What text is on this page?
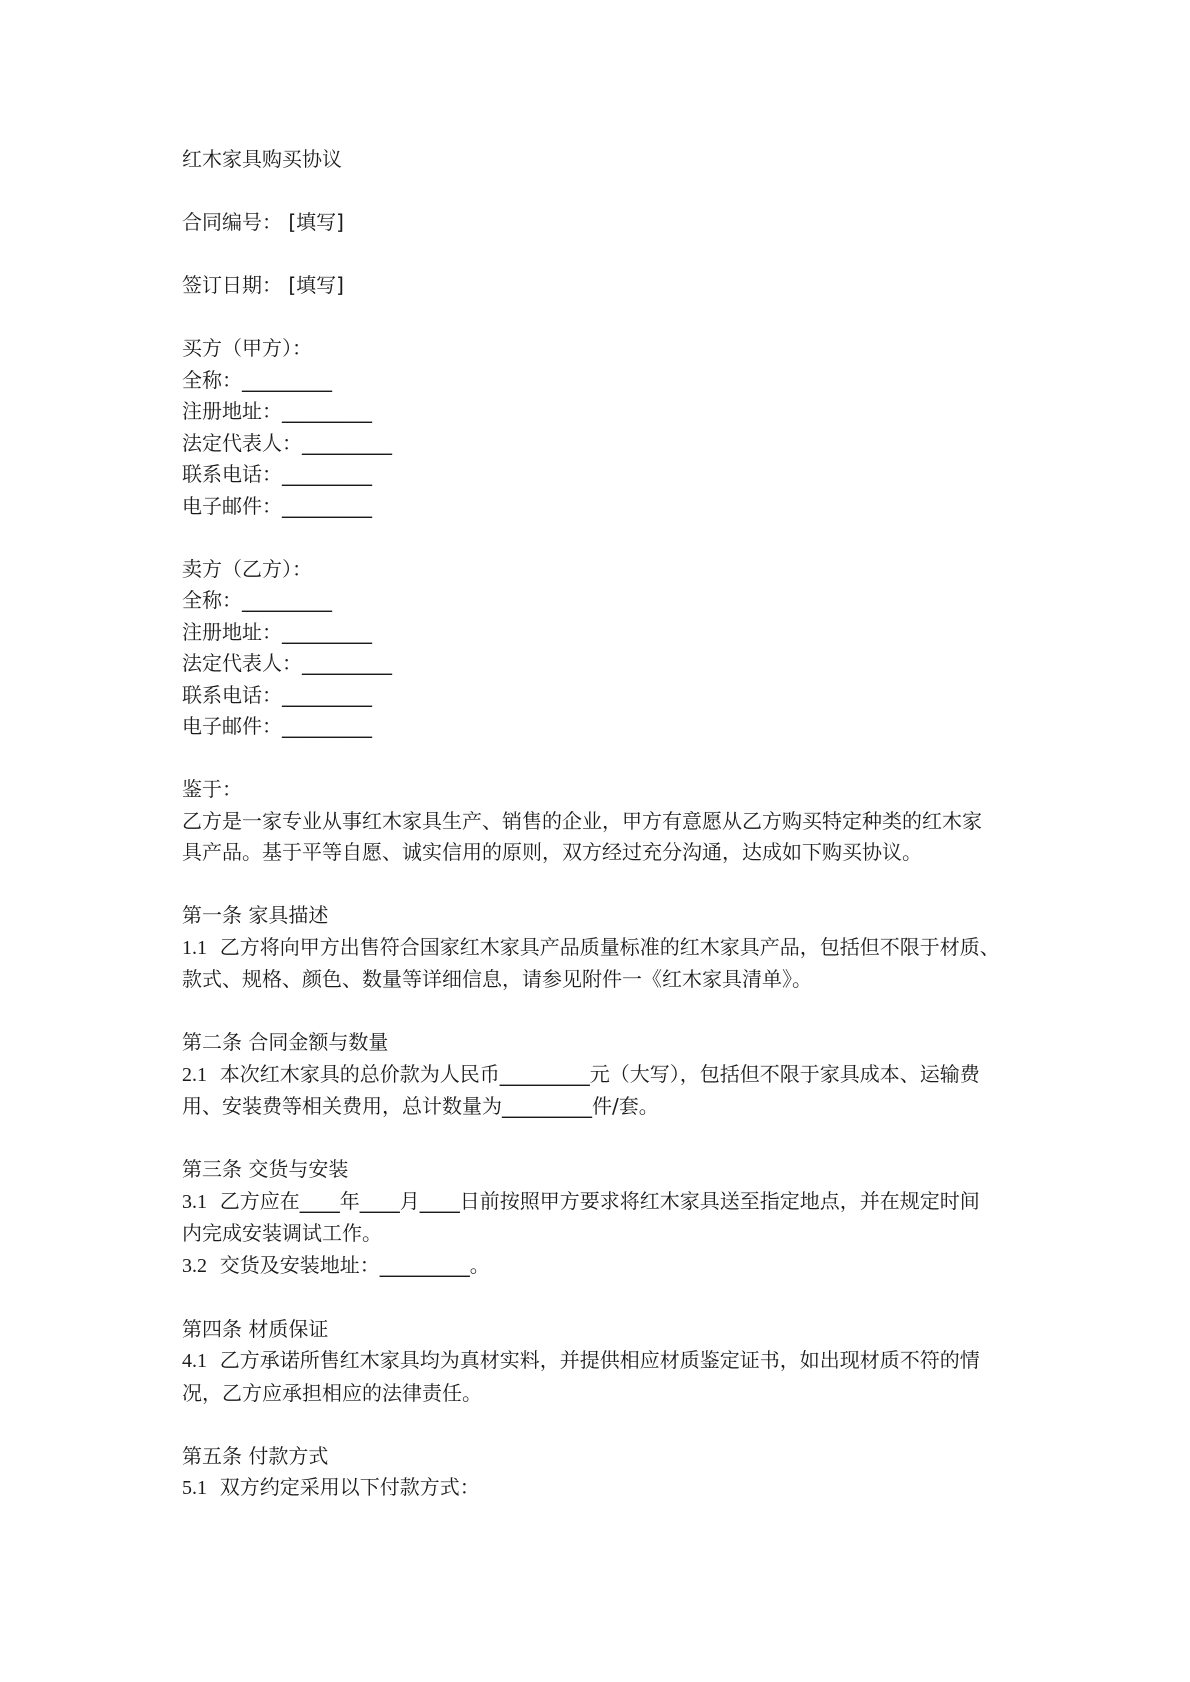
红木家具购买协议

合同编号： [填写]

签订日期： [填写]

买方（甲方）：

全称：_________

注册地址：_________

法定代表人：_________

联系电话：_________

电子邮件：_________

卖方（乙方）：

全称：_________

注册地址：_________

法定代表人：_________

联系电话：_________

电子邮件：_________

鉴于：

乙方是一家专业从事红木家具生产、销售的企业，甲方有意愿从乙方购买特定种类的红木家

具产品。基于平等自愿、诚实信用的原则，双方经过充分沟通，达成如下购买协议。

第一条 家具描述

1.1 乙方将向甲方出售符合国家红木家具产品质量标准的红木家具产品，包括但不限于材质、

款式、规格、颜色、数量等详细信息，请参见附件一《红木家具清单》。

第二条 合同金额与数量

2.1 本次红木家具的总价款为人民币_________元（大写），包括但不限于家具成本、运输费

用、安装费等相关费用，总计数量为_________件/套。

第三条 交货与安装

3.1 乙方应在____年____月____日前按照甲方要求将红木家具送至指定地点，并在规定时间

内完成安装调试工作。

3.2 交货及安装地址：_________。

第四条 材质保证

4.1 乙方承诺所售红木家具均为真材实料，并提供相应材质鉴定证书，如出现材质不符的情

况，乙方应承担相应的法律责任。

第五条 付款方式

5.1 双方约定采用以下付款方式：
